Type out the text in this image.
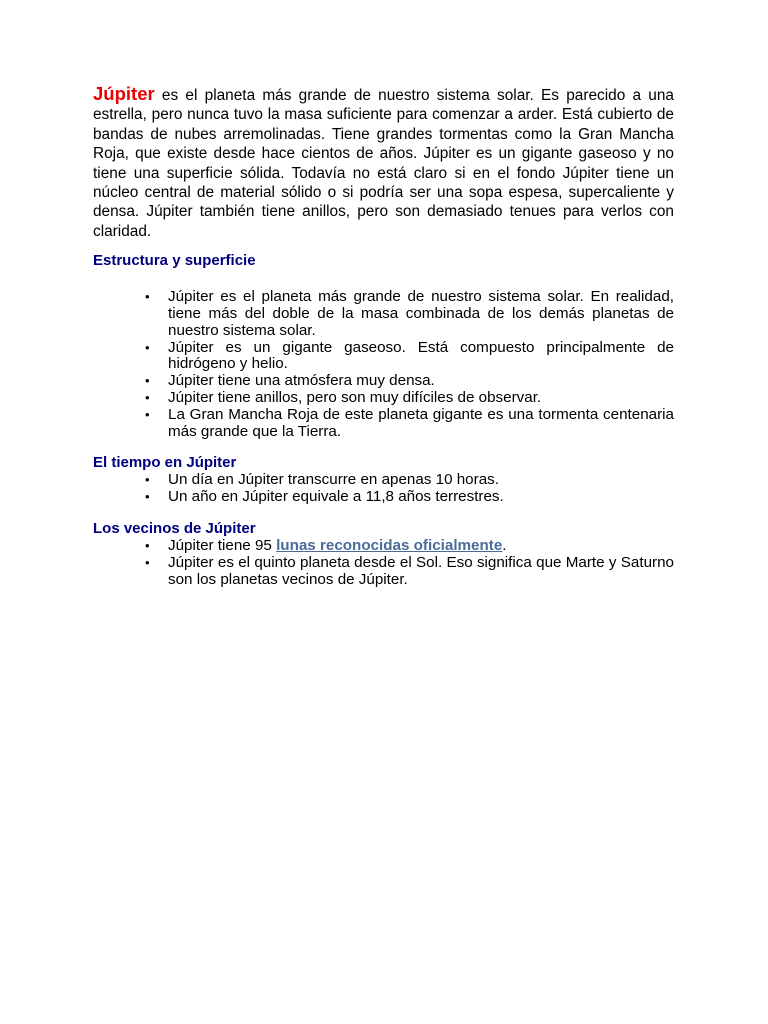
Júpiter es el planeta más grande de nuestro sistema solar. Es parecido a una estrella, pero nunca tuvo la masa suficiente para comenzar a arder. Está cubierto de bandas de nubes arremolinadas. Tiene grandes tormentas como la Gran Mancha Roja, que existe desde hace cientos de años. Júpiter es un gigante gaseoso y no tiene una superficie sólida. Todavía no está claro si en el fondo Júpiter tiene un núcleo central de material sólido o si podría ser una sopa espesa, supercaliente y densa. Júpiter también tiene anillos, pero son demasiado tenues para verlos con claridad.

Estructura y superficie
• Júpiter es el planeta más grande de nuestro sistema solar. En realidad, tiene más del doble de la masa combinada de los demás planetas de nuestro sistema solar.
• Júpiter es un gigante gaseoso. Está compuesto principalmente de hidrógeno y helio.
• Júpiter tiene una atmósfera muy densa.
• Júpiter tiene anillos, pero son muy difíciles de observar.
• La Gran Mancha Roja de este planeta gigante es una tormenta centenaria más grande que la Tierra.
El tiempo en Júpiter
• Un día en Júpiter transcurre en apenas 10 horas.
• Un año en Júpiter equivale a 11,8 años terrestres.
Los vecinos de Júpiter
• Júpiter tiene 95 lunas reconocidas oficialmente.
• Júpiter es el quinto planeta desde el Sol. Eso significa que Marte y Saturno son los planetas vecinos de Júpiter.
